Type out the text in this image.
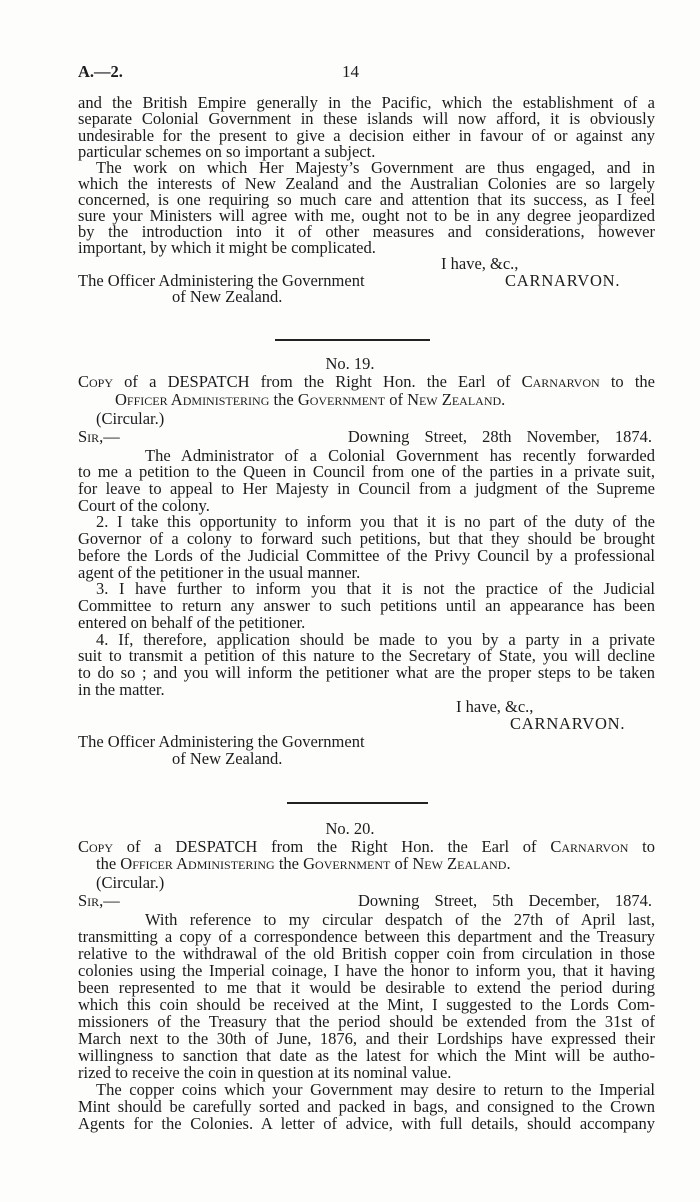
A.—2.	14
and the British Empire generally in the Pacific, which the establishment of a
separate Colonial Government in these islands will now afford, it is obviously
undesirable for the present to give a decision either in favour of or against any
particular schemes on so important a subject.
The work on which Her Majesty’s Government are thus engaged, and in
which the interests of New Zealand and the Australian Colonies are so largely
concerned, is one requiring so much care and attention that its success, as I feel
sure your Ministers will agree with me, ought not to be in any degree jeopardized
by the introduction into it of other measures and considerations, however
important, by which it might be complicated.
I have, &c.,
CARNARVON.
The Officer Administering the Government
of New Zealand.
No. 19.
Copy of a DESPATCH from the Right Hon. the Earl of Carnarvon to the
Officer Administering the Government of New Zealand.
(Circular.)
Sir,—	Downing Street, 28th November, 1874.
The Administrator of a Colonial Government has recently forwarded
to me a petition to the Queen in Council from one of the parties in a private suit,
for leave to appeal to Her Majesty in Council from a judgment of the Supreme
Court of the colony.
2. I take this opportunity to inform you that it is no part of the duty of the
Governor of a colony to forward such petitions, but that they should be brought
before the Lords of the Judicial Committee of the Privy Council by a professional
agent of the petitioner in the usual manner.
3. I have further to inform you that it is not the practice of the Judicial
Committee to return any answer to such petitions until an appearance has been
entered on behalf of the petitioner.
4. If, therefore, application should be made to you by a party in a private
suit to transmit a petition of this nature to the Secretary of State, you will decline
to do so ; and you will inform the petitioner what are the proper steps to be taken
in the matter.
I have, &c.,
CARNARVON.
The Officer Administering the Government
of New Zealand.
No. 20.
Copy of a DESPATCH from the Right Hon. the Earl of Carnarvon to
the Officer Administering the Government of New Zealand.
(Circular.)
Sir,—	Downing Street, 5th December, 1874.
With reference to my circular despatch of the 27th of April last,
transmitting a copy of a correspondence between this department and the Treasury
relative to the withdrawal of the old British copper coin from circulation in those
colonies using the Imperial coinage, I have the honor to inform you, that it having
been represented to me that it would be desirable to extend the period during
which this coin should be received at the Mint, I suggested to the Lords Com-
missioners of the Treasury that the period should be extended from the 31st of
March next to the 30th of June, 1876, and their Lordships have expressed their
willingness to sanction that date as the latest for which the Mint will be autho-
rized to receive the coin in question at its nominal value.
The copper coins which your Government may desire to return to the Imperial
Mint should be carefully sorted and packed in bags, and consigned to the Crown
Agents for the Colonies. A letter of advice, with full details, should accompany
